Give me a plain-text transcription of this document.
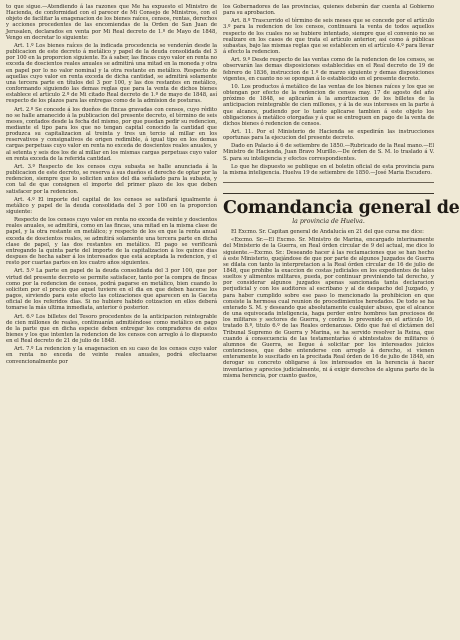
to que sigue.—Atendiendo á las razones que Me ha expuesto el Ministro de Hacienda, de conformidad con el parecer de Mi Consejo de Ministros, con el objeto de facilitar la enagenacion de los bienes raíces, censos, rentas, derechos y acciones procedentes de las encomiendas de la Orden de San Juan de Jerusalen, declarados en venta por Mi Real decreto de 1.º de Mayo de 1848, Vengo en decretar lo siguiente:

Art. 1.º Los bienes raíces de la indicada procedencia se venderán desde la publicacion de este decreto á metálico y papel de la deuda consolidada del 3 por 100 en la proporcion siguiente. Es á saber, las fincas cuyo valor en renta no exceda de doscientos reales anuales se admitirá una mitad en la moneda y otra en papel por lo no valor nominal y la otra restante en metálico. Respecto de aquellas cuyo valor en renta exceda de dicha cantidad, se admitirá solamente una tercera parte en títulos del 3 por 100, y las dos restantes en metálico, conformando siguiendo las demas reglas que para la venta de dichos bienes establece el artículo 2.º de Mi citado Real decreto de 1.º de mayo de 1848, así respecto de los plazos para las entregas como de la admision de posturas.

Art. 2.º Se concede á los dueños de fincas gravadas con censos, cuyo rédito no se halle amanecido á la publicacion del presente decreto, el término de seis meses, contados desde la fecha del mismo, por que puedan pedir su redencion, mediante el tipo para los que no tengan capital conocido la cantidad que produzca su capitalizacion al treinta y tres un tercio al millar en los reservativos y consignativos de origen redimible, á igual tipo en los demas cargas perpetuas cuyo valor en renta no exceda de doscientos reales anuales, y al setenta y seis dos los de al millar en los mismas cargas perpetuas cuyo valor en renta exceda de la referida cantidad.

Art. 3.º Respecto de los censos cuya subasta se halle anunciada á la publicacion de este decreto, se reserva á sus dueños el derecho de optar por la redencion, siempre que lo soliciten antes del dia señalado para la subasta, y con tal de que consignen el importe del primer plazo de los que deben satisfacer por la redencion.

Art. 4.º El importe del capital de los censos se satisfará igualmente á metálico y papel de la deuda consolidada del 3 por 100 en la proporcion siguiente:

Respecto de los censos cuyo valor en renta no exceda de veinte y doscientos reales anuales, se admitirá, como en las fincas, una mitad en la misma clase de papel, y la otra restante en metálico; y respecto de los en que la renta anual exceda de doscientos reales, se admitirá solamente una tercera parte en dicha clase de papel, y las dos restantes en metálico. El pago se verificará entregando la quinta parte del importe de la capitalizacion á los quince dias despues de hecha saber á los interesados que está aceptada la redencion, y el resto por cuartas partes en los cuatro años siguientes.

Art. 5.º La parte en papel de la deuda consolidada del 3 por 100, que por virtud del presente decreto se permite satisfacer, tanto por la compra de fincas como por la redencion de censos, podrá pagarse en metálico, bien cuando lo soliciten por el precio que aquel tuviere en el dia en que deben hacerse los pagos, sirviendo para este efecto las cotizaciones que aparecen en la Gaceta oficial de los referidos dias. Si no hubiere habido cotizacion en ellos deberá tomarse la más ultima inmediata, anterior ó posterior.

Art. 6.º Los billetes del Tesoro procedentes de la anticipacion reintegrable de cien millones de reales, continuarán admitiéndose como metálico en pago de la parte que en dicha especie deben entregar los compradores de estos bienes y los que intenten la redencion de los censos con arreglo á lo dispuesto en el Real decreto de 21 de julio de 1848.

Art. 7.º La redencion y la enagenacion en su caso de los censos cuyo valor en renta no exceda de veinte reales anuales, podrá efectuarse convencionalmente por

los Gobernadores de las provincias, quienes deberán dar cuenta al Gobierno para su aprobacion.

Art. 8.º Trascurrido el término de seis meses que se concede por el artículo 3.º para la redencion de los censos, continuará la venta de todos aquellos respecto de los cuales no se hubiere intentado, siempre que el convenio no se realizare en los casos de que trata el artículo anterior, así como á públicas subastas, bajo las mismas reglas que se establecen en el artículo 4.º para llevar á efecto la redencion.

Art. 9.º Desde respecto de las ventas como de la redencion de los censos, se observarán las demas disposiciones establecidas en el Real decreto de 19 de febrero de 1836, instruccion de 1.º de marzo siguiente y demas disposiciones vigentes, en cuanto no se opongan á lo establecido en el presente decreto.

10. Los productos á metálico de las ventas de los bienes raíces y los que se obtengan por efecto de la redencion de censos may. 17 de agosto del año próximo de 1848, se aplicarán á la amortizacion de los billetes de la anticipacion reintegrable de cien millones, y á la de sus intereses en la parte á que alcance, pudiendo por lo tanto aplicarse tambien á este objeto los obligaciones á metálico otorgadas y á que se entreguen en pago de la venta de dichos bienes ó redencion de censos.

Art. 11. Por el Ministerio de Hacienda se expedirán las instrucciones oportunas para la ejecucion del presente decreto.

Dado en Palacio á 6 de setiembre de 1850.—Rubricado de la Real mano.—El Ministro de Hacienda, Juan Bravo Murillo.—De órden de S. M. lo traslado á V. S. para su inteligencia y efectos correspondientes.

Lo que he dispuesto se publique en el boletin oficial de esta provincia para la misma inteligencia. Huelva 19 de setiembre de 1850.—José Maria Escudero.

Comandancia general de
la provincia de Huelva.

El Excmo. Sr. Capitan general de Andalucía en 21 del que cursa me dice:

«Excmo. Sr.—El Excmo. Sr. Ministro de Marina, encargado interinamente del Ministerio de la Guerra, en Real órden circular de 9 del actual, me dice lo siguiente.—Excmo. Sr.: Deseando hacer á las reclamaciones que se han hecho á este Ministerio, quejándose de que por parte de algunos Juzgados de Guerra se dilata con tanto la interpretacion a la Real órden circular de 16 de julio de 1848, que prohibe la exaccion de costas judiciales en los expedientes de tales sueltos y alimentos militares, pueda, por continuar previniendo tal derecho, y por considerar algunos juzgados apenas sancionada tanta declaracion perjudicial y con los auditores al escribano y al de despacho del Juzgado, y para haber cumplido sobre ese paso lo mencionado la prohibicion en que consiste la hermosa cual reunion de procedimientos heredados. De todo se ha enterado S. M. y deseando que absolutamente cualquier abuso, que el alcance de una equivocada inteligencia, haga perder entre hombres tan preciosos de los militares y sectores de Guerra, y contra lo prevenido en el articulo 16, tratado 8.º, titulo 6.º de las Reales ordenanzas. Oído que fué el dictámen del Tribunal Supremo de Guerra y Marina, se ha servido resolver la Reina, que cuando á consecuencia de las testamentarías ó abintestatos de militares ó alumnos de Guerra, se llegue á solicitar por los interesados juicios contenciosos, que debe entenderse con arreglo á derecho, si vienen enteramente lo suscitado en la precitada Real órden de 16 de julio de 1848, sin derogar su concreto obligarse á los interesados en la herencia á hacer inventarios y aprecios judicialmente, ni á exigir derechos de alguna parte de la misma herencia, por cuanto gastos,
